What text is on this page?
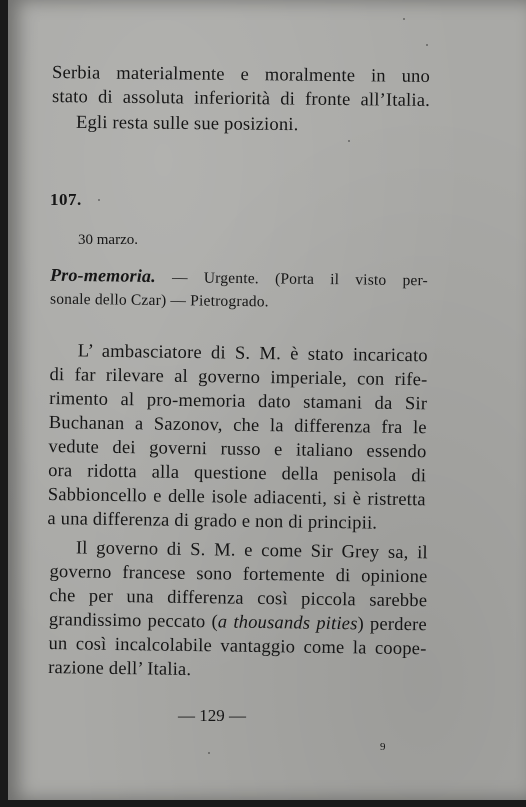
Serbia materialmente e moralmente in uno
stato di assoluta inferiorità di fronte all’Italia.
Egli resta sulle sue posizioni.
107.
30 marzo.
Pro-memoria. — Urgente. (Porta il visto per-
sonale dello Czar) — Pietrogrado.
L’ ambasciatore di S. M. è stato incaricato
di far rilevare al governo imperiale, con rife-
rimento al pro-memoria dato stamani da Sir
Buchanan a Sazonov, che la differenza fra le
vedute dei governi russo e italiano essendo
ora ridotta alla questione della penisola di
Sabbioncello e delle isole adiacenti, si è ristretta
a una differenza di grado e non di principii.
Il governo di S. M. e come Sir Grey sa, il
governo francese sono fortemente di opinione
che per una differenza così piccola sarebbe
grandissimo peccato (a thousands pities) perdere
un così incalcolabile vantaggio come la coope-
razione dell’ Italia.
— 129 —
9
